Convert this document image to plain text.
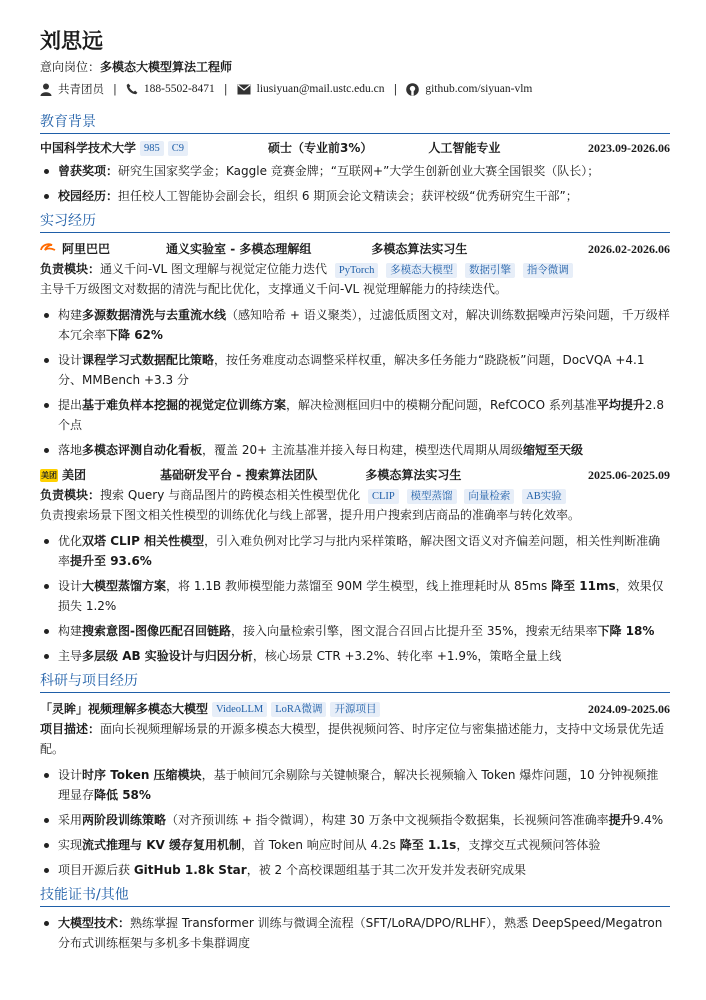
刘思远
意向岗位：多模态大模型算法工程师
共青团员 | 188-5502-8471 |	liusiyuan@mail.ustc.edu.cn | github.com/siyuan-vlm
教育背景
中国科学技术大学 985	C9	硕士（专业前3%）	人工智能专业	2023.09-2026.06
曾获奖项：研究生国家奖学金；Kaggle 竞赛金牌；“互联网+”大学生创新创业大赛全国银奖（队长）；
校园经历：担任校人工智能协会副会长，组织 6 期顶会论文精读会；获评校级“优秀研究生干部”；
实习经历
阿里巴巴	通义实验室 - 多模态理解组	多模态算法实习生	2026.02-2026.06
负责模块：通义千问-VL 图文理解与视觉定位能力迭代 PyTorch 多模态大模型 数据引擎 指令微调
主导千万级图文对数据的清洗与配比优化，支撑通义千问-VL 视觉理解能力的持续迭代。
构建多源数据清洗与去重流水线（感知哈希 + 语义聚类），过滤低质图文对，解决训练数据噪声污染问题，千万级样本冗余率下降 62%
设计课程学习式数据配比策略，按任务难度动态调整采样权重，解决多任务能力“跷跷板”问题，DocVQA +4.1 分、MMBench +3.3 分
提出基于难负样本挖掘的视觉定位训练方案，解决检测框回归中的模糊分配问题，RefCOCO 系列基准平均提升2.8 个点
落地多模态评测自动化看板，覆盖 20+ 主流基准并接入每日构建，模型迭代周期从周级缩短至天级
美团 美团	基础研发平台 - 搜索算法团队	多模态算法实习生	2025.06-2025.09
负责模块：搜索 Query 与商品图片的跨模态相关性模型优化 CLIP 模型蒸馏 向量检索 AB实验
负责搜索场景下图文相关性模型的训练优化与线上部署，提升用户搜索到店商品的准确率与转化效率。
优化双塔 CLIP 相关性模型，引入难负例对比学习与批内采样策略，解决图文语义对齐偏差问题，相关性判断准确率提升至 93.6%
设计大模型蒸馏方案，将 1.1B 教师模型能力蒸馏至 90M 学生模型，线上推理耗时从 85ms 降至 11ms，效果仅损失 1.2%
构建搜索意图-图像匹配召回链路，接入向量检索引擎，图文混合召回占比提升至 35%，搜索无结果率下降 18%
主导多层级 AB 实验设计与归因分析，核心场景 CTR +3.2%、转化率 +1.9%，策略全量上线
科研与项目经历
「灵眸」视频理解多模态大模型 VideoLLM	LoRA微调	开源项目	2024.09-2025.06
项目描述：面向长视频理解场景的开源多模态大模型，提供视频问答、时序定位与密集描述能力，支持中文场景优先适配。
设计时序 Token 压缩模块，基于帧间冗余剔除与关键帧聚合，解决长视频输入 Token 爆炸问题，10 分钟视频推理显存降低 58%
采用两阶段训练策略（对齐预训练 + 指令微调），构建 30 万条中文视频指令数据集，长视频问答准确率提升9.4%
实现流式推理与 KV 缓存复用机制，首 Token 响应时间从 4.2s 降至 1.1s，支撑交互式视频问答体验
项目开源后获 GitHub 1.8k Star，被 2 个高校课题组基于其二次开发并发表研究成果
技能证书/其他
大模型技术：熟练掌握 Transformer 训练与微调全流程（SFT/LoRA/DPO/RLHF），熟悉 DeepSpeed/Megatron 分布式训练框架与多机多卡集群调度
